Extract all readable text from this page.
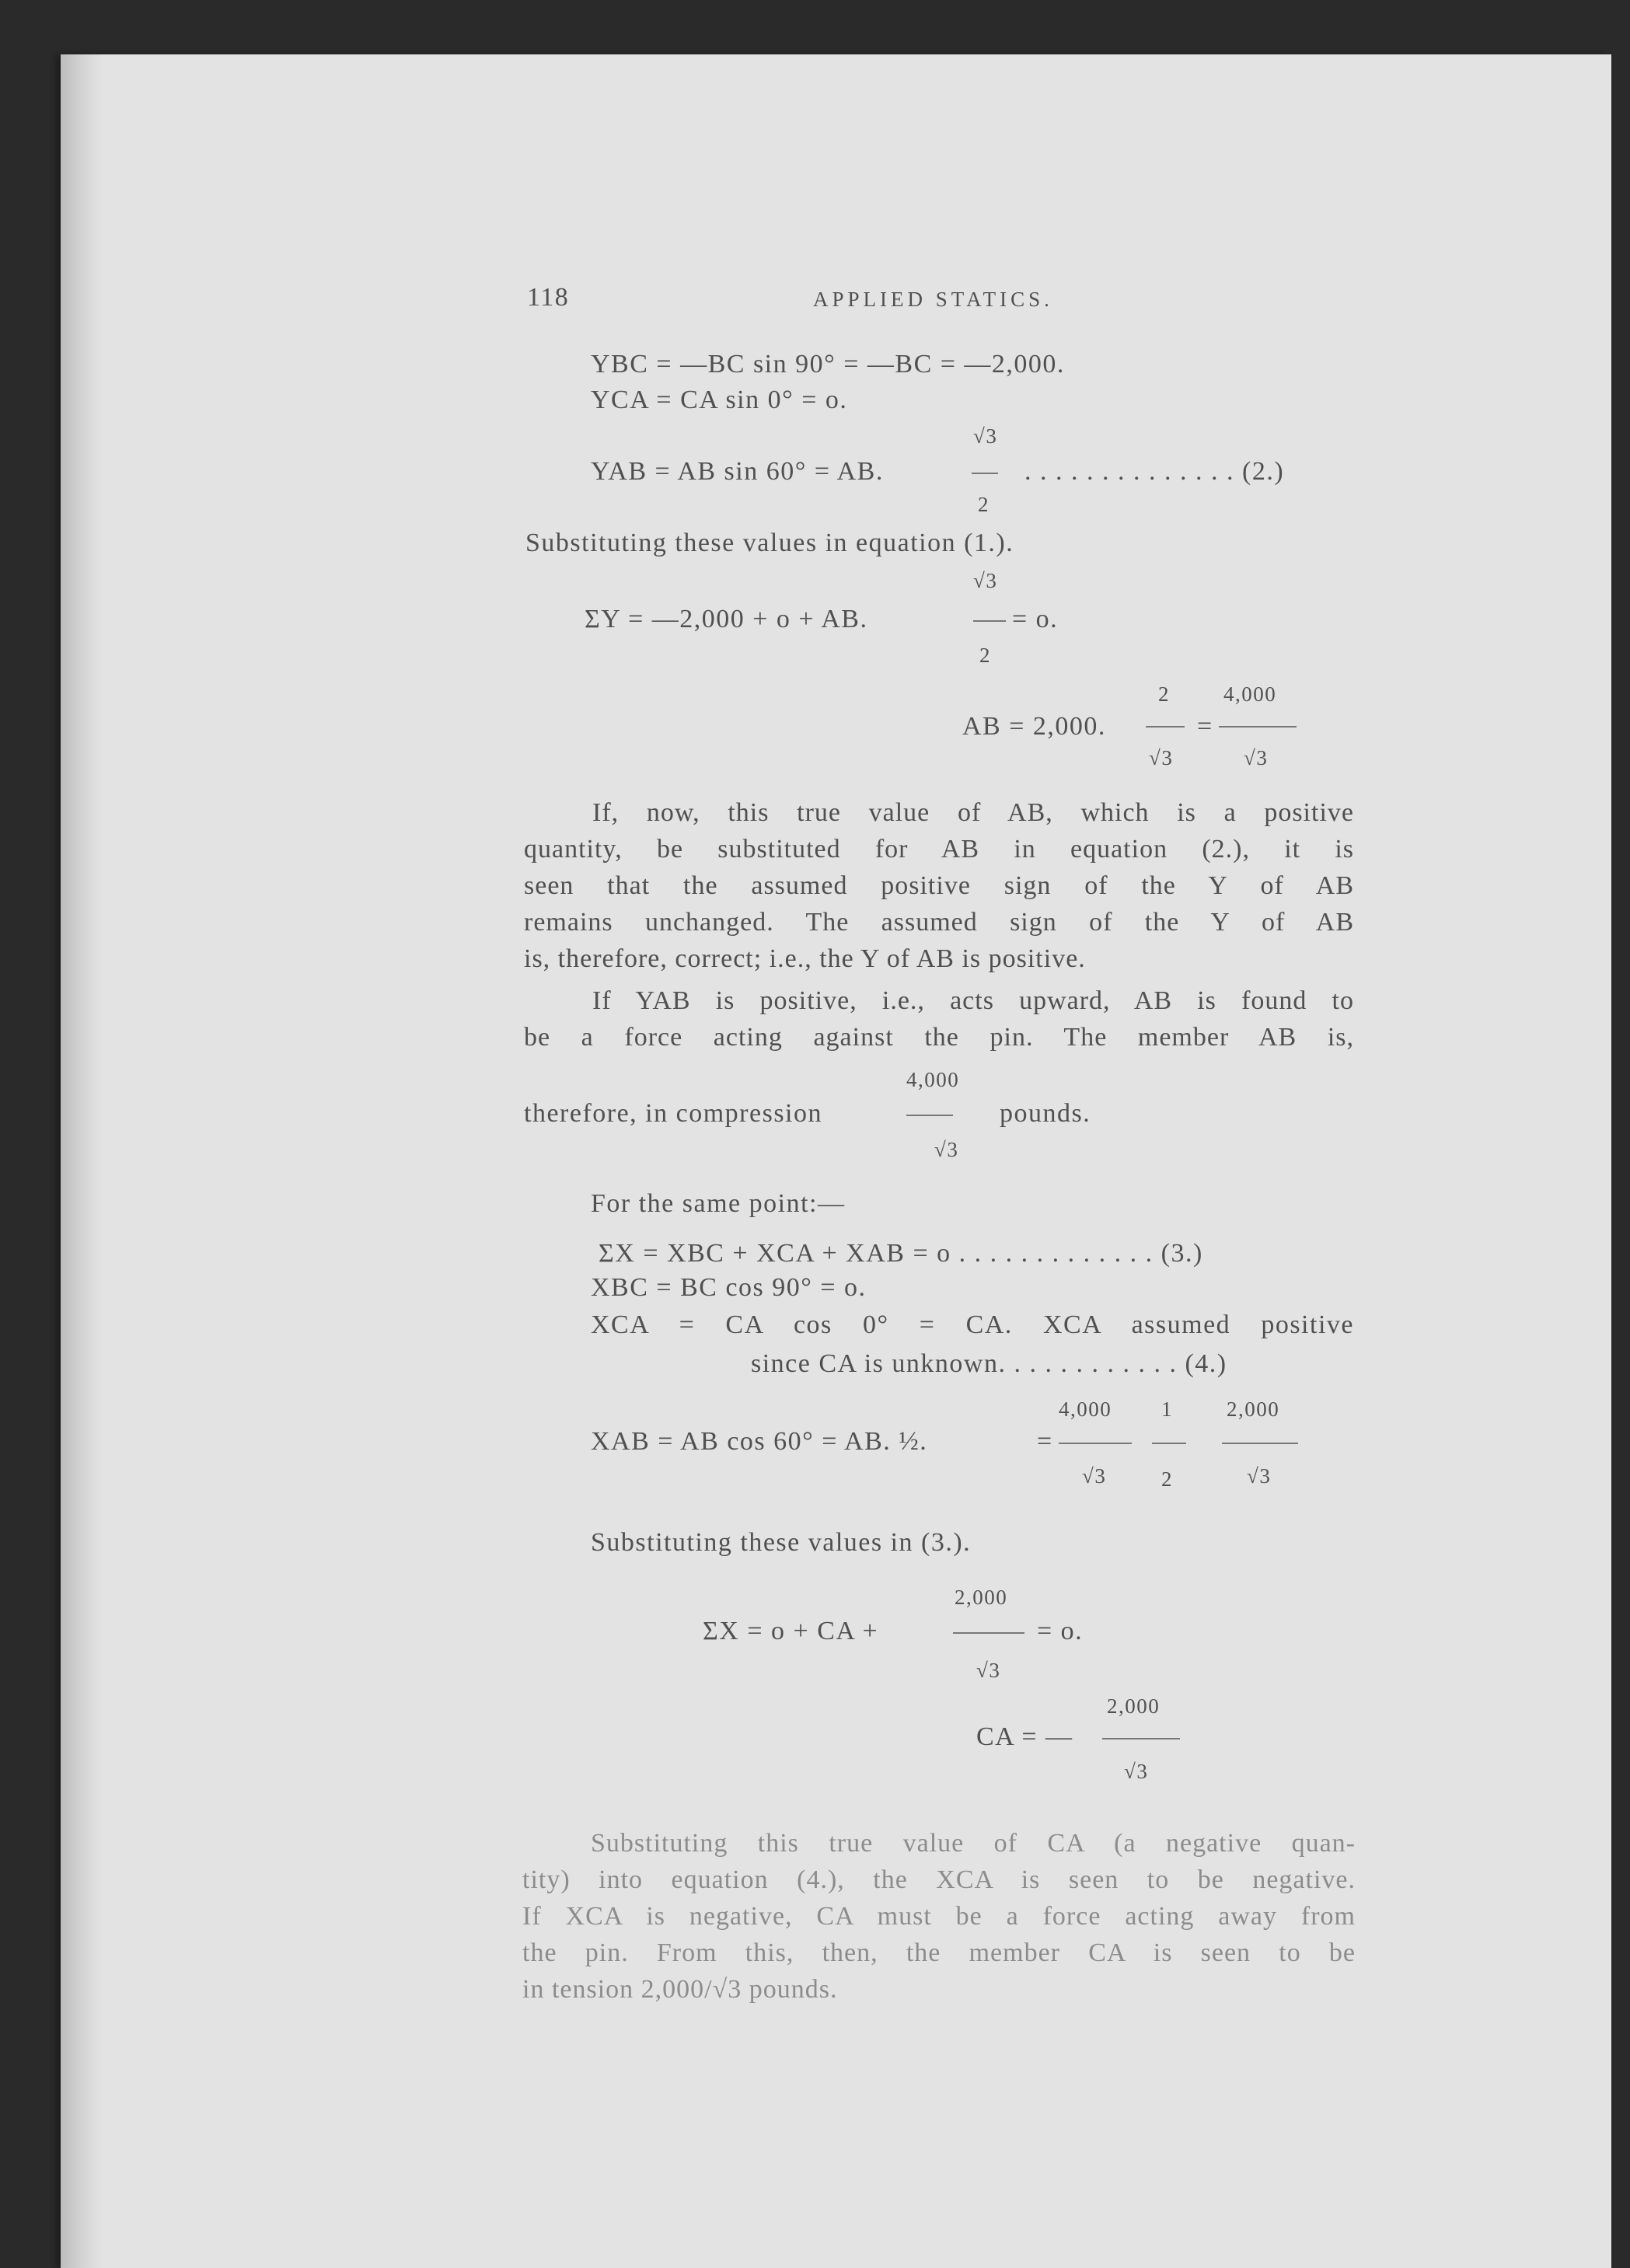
118	APPLIED STATICS.
YBC = —BC sin 90° = —BC = —2,000.
YCA = CA sin 0° = o.
√3
YAB = AB sin 60° = AB.	. . . . . . . . . . . . . . (2.)
2
Substituting these values in equation (1.).
√3
ΣY = —2,000 + o + AB.	= o.
2
2	4,000
AB = 2,000.	=
√3	√3
If, now, this true value of AB, which is a positive
quantity, be substituted for AB in equation (2.), it is
seen that the assumed positive sign of the Y of AB
remains unchanged. The assumed sign of the Y of AB
is, therefore, correct; i.e., the Y of AB is positive.
If YAB is positive, i.e., acts upward, AB is found to
be a force acting against the pin. The member AB is,
4,000
therefore, in compression	pounds.
√3
For the same point:—
ΣX = XBC + XCA + XAB = o . . . . . . . . . . . . . (3.)
XBC = BC cos 90° = o.
XCA = CA cos 0° = CA. XCA assumed positive
since CA is unknown. . . . . . . . . . . . (4.)
4,000 1	2,000
XAB = AB cos 60° = AB. ½.	=
√3	2	√3
Substituting these values in (3.).
2,000
ΣX = o + CA +	= o.
√3
2,000
CA = —
√3
Substituting this true value of CA (a negative quan-
tity) into equation (4.), the XCA is seen to be negative.
If XCA is negative, CA must be a force acting away from
the pin. From this, then, the member CA is seen to be
in tension 2,000/√3 pounds.
